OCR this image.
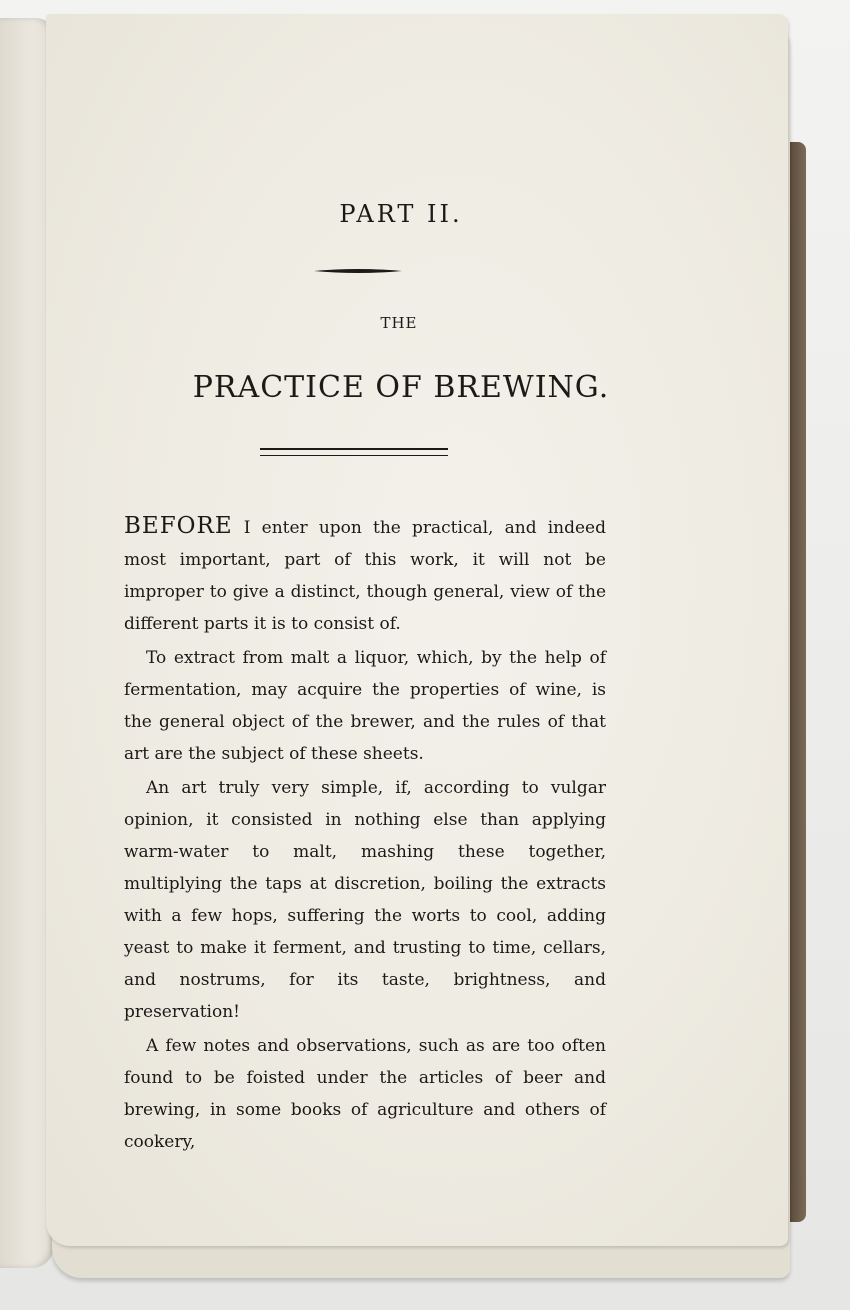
PART II.
THE
PRACTICE OF BREWING.

BEFORE I enter upon the practical, and indeed most important, part of this work, it will not be improper to give a distinct, though general, view of the different parts it is to consist of.

To extract from malt a liquor, which, by the help of fermentation, may acquire the properties of wine, is the general object of the brewer, and the rules of that art are the subject of these sheets.

An art truly very simple, if, according to vulgar opinion, it consisted in nothing else than applying warm-water to malt, mashing these together, multiplying the taps at discretion, boiling the extracts with a few hops, suffering the worts to cool, adding yeast to make it ferment, and trusting to time, cellars, and nostrums, for its taste, brightness, and preservation!

A few notes and observations, such as are too often found to be foisted under the articles of beer and brewing, in some books of agriculture and others of cookery,
